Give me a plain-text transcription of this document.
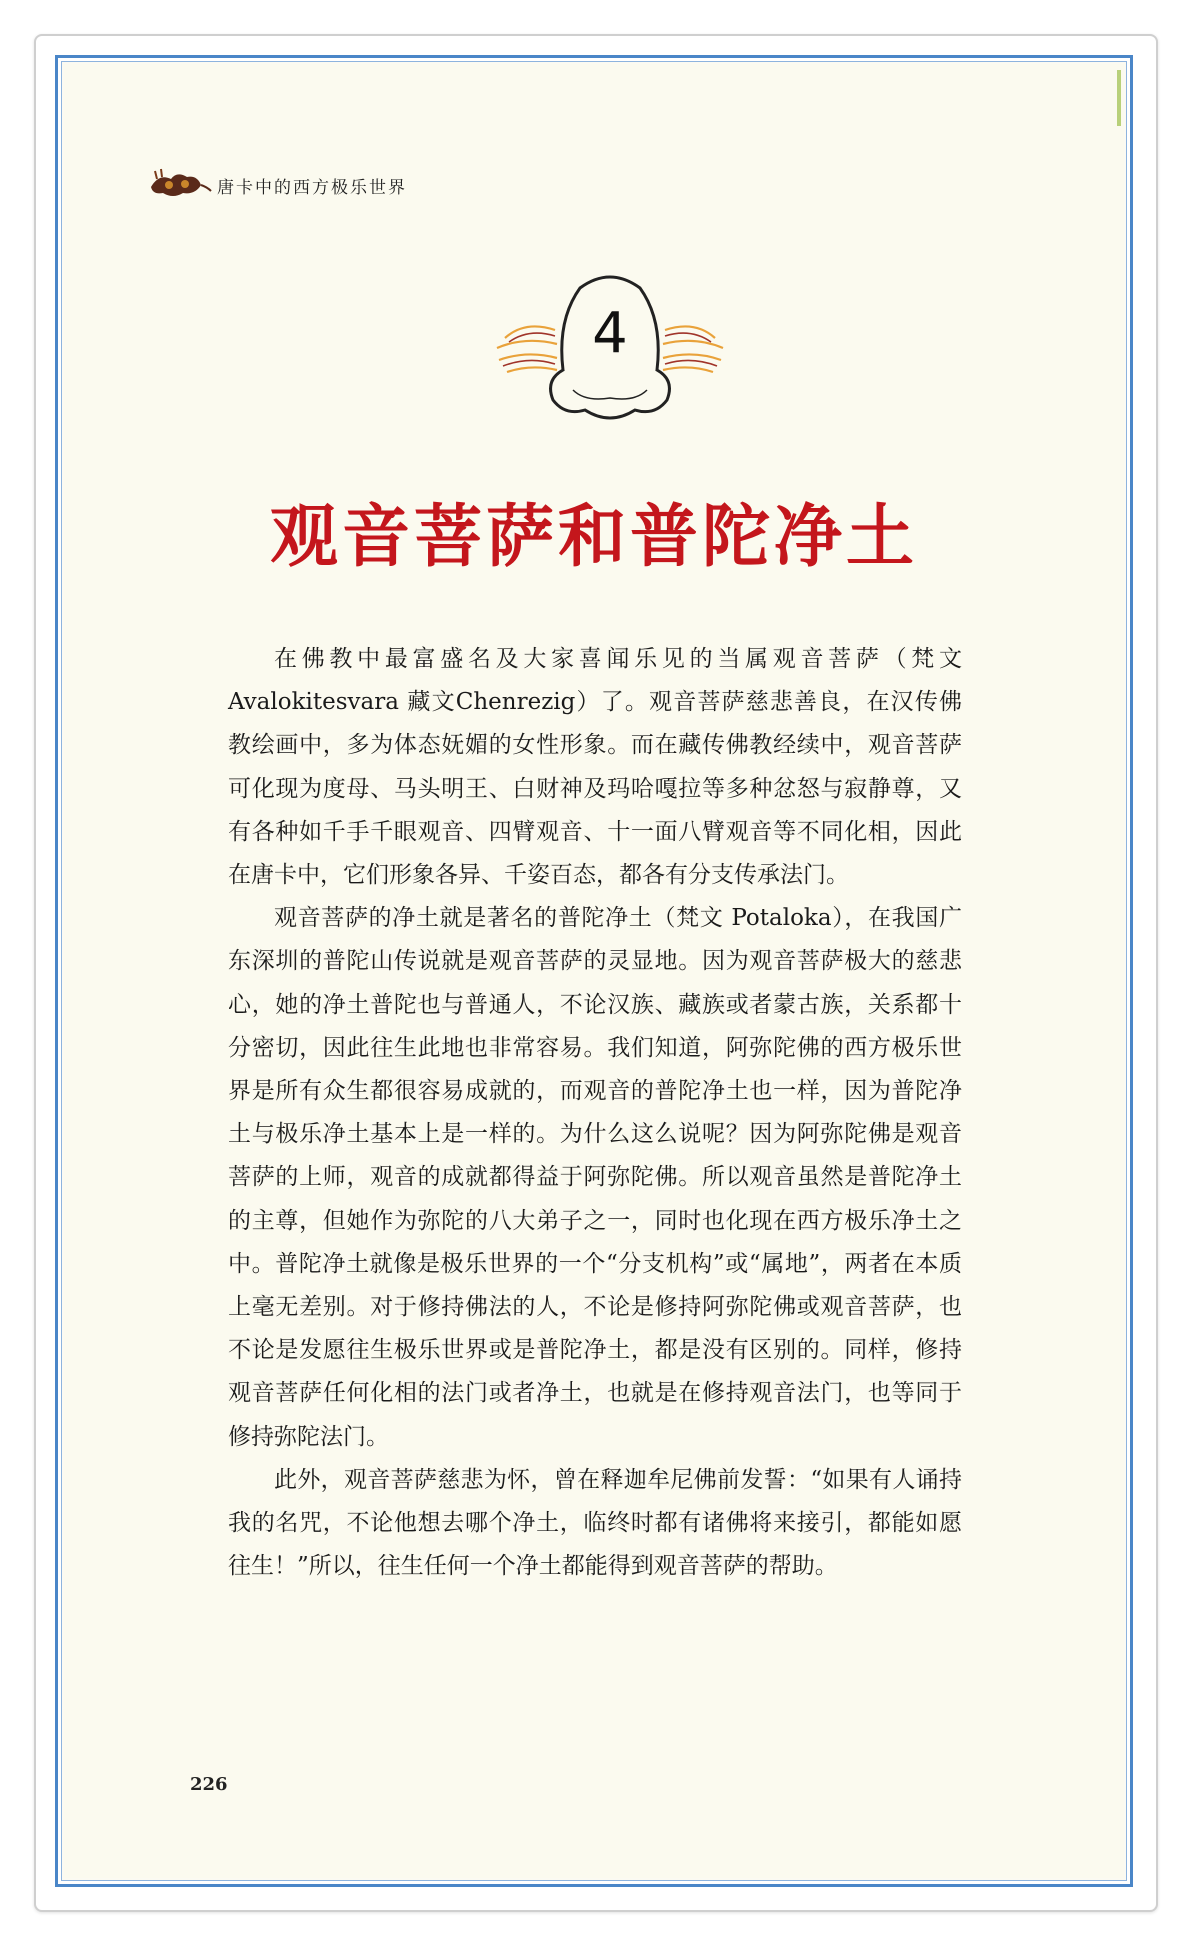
唐卡中的西方极乐世界
4
观音菩萨和普陀净土

在佛教中最富盛名及大家喜闻乐见的当属观音菩萨（梵文Avalokitesvara 藏文Chenrezig）了。观音菩萨慈悲善良，在汉传佛教绘画中，多为体态妩媚的女性形象。而在藏传佛教经续中，观音菩萨可化现为度母、马头明王、白财神及玛哈嘎拉等多种忿怒与寂静尊，又有各种如千手千眼观音、四臂观音、十一面八臂观音等不同化相，因此在唐卡中，它们形象各异、千姿百态，都各有分支传承法门。

观音菩萨的净土就是著名的普陀净土（梵文 Potaloka），在我国广东深圳的普陀山传说就是观音菩萨的灵显地。因为观音菩萨极大的慈悲心，她的净土普陀也与普通人，不论汉族、藏族或者蒙古族，关系都十分密切，因此往生此地也非常容易。我们知道，阿弥陀佛的西方极乐世界是所有众生都很容易成就的，而观音的普陀净土也一样，因为普陀净土与极乐净土基本上是一样的。为什么这么说呢？因为阿弥陀佛是观音菩萨的上师，观音的成就都得益于阿弥陀佛。所以观音虽然是普陀净土的主尊，但她作为弥陀的八大弟子之一，同时也化现在西方极乐净土之中。普陀净土就像是极乐世界的一个“分支机构”或“属地”，两者在本质上毫无差别。对于修持佛法的人，不论是修持阿弥陀佛或观音菩萨，也不论是发愿往生极乐世界或是普陀净土，都是没有区别的。同样，修持观音菩萨任何化相的法门或者净土，也就是在修持观音法门，也等同于修持弥陀法门。

此外，观音菩萨慈悲为怀，曾在释迦牟尼佛前发誓：“如果有人诵持我的名咒，不论他想去哪个净土，临终时都有诸佛将来接引，都能如愿往生！”所以，往生任何一个净土都能得到观音菩萨的帮助。

226
